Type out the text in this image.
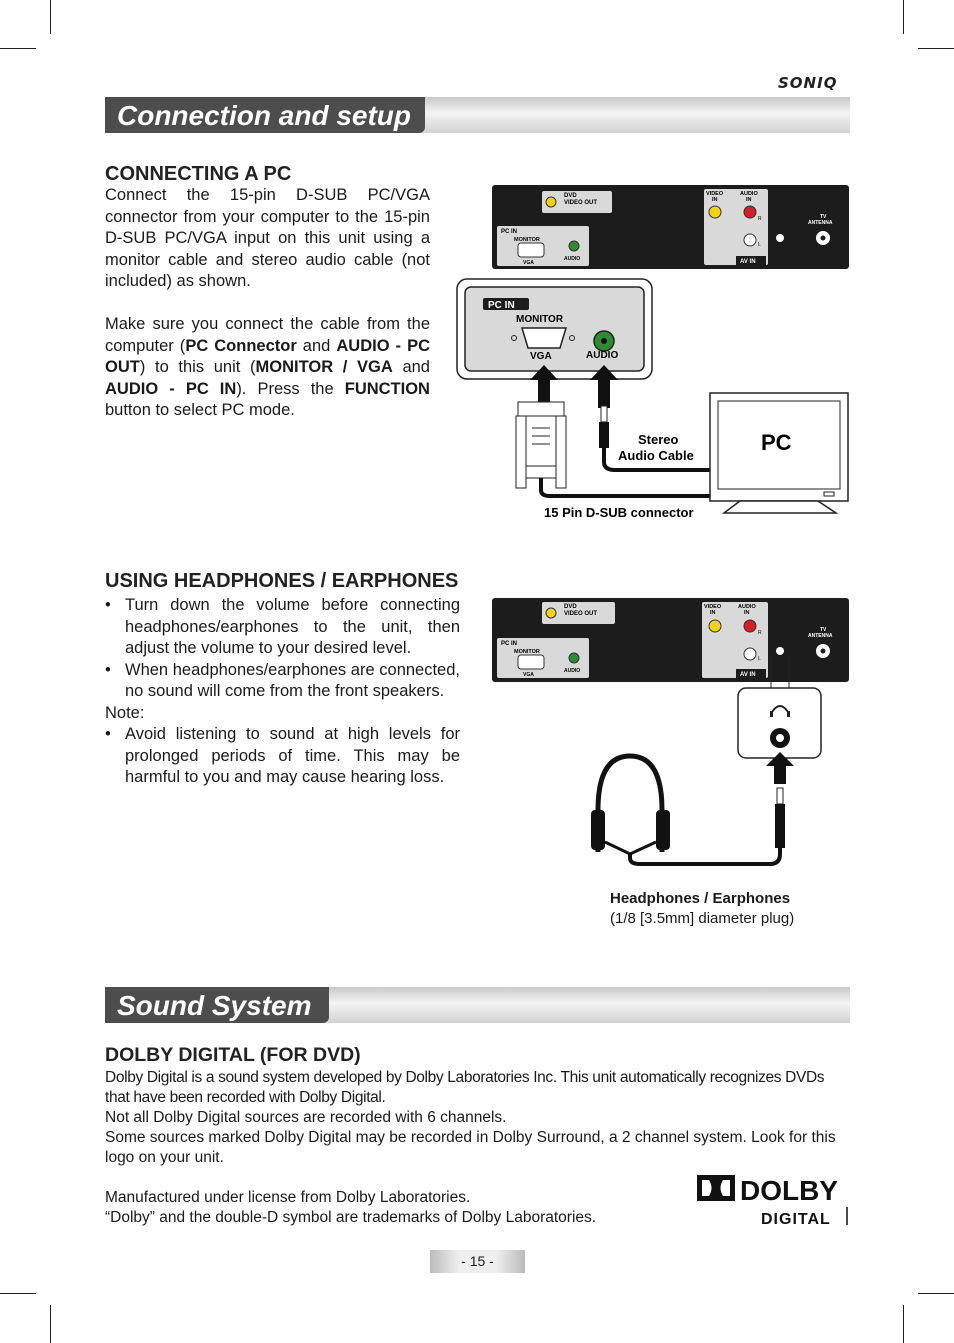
SONIQ
Connection and setup
CONNECTING A PC
Connect the 15-pin D-SUB PC/VGA connector from your computer to the 15-pin D-SUB PC/VGA input on this unit using a monitor cable and stereo audio cable (not included) as shown.
Make sure you connect the cable from the computer (PC Connector and AUDIO - PC OUT) to this unit (MONITOR / VGA and AUDIO - PC IN). Press the FUNCTION button to select PC mode.
DVD
VIDEO OUT
PC IN
MONITOR
VGA
AUDIO
VIDEO
IN
AUDIO
IN
R
L
AV IN
TV
ANTENNA
PC IN
MONITOR
VGA	AUDIO
Stereo
Audio Cable
15 Pin D-SUB connector
PC
USING HEADPHONES / EARPHONES
• Turn down the volume before connecting headphones/earphones to the unit, then adjust the volume to your desired level.
• When headphones/earphones are connected, no sound will come from the front speakers.
Note:
• Avoid listening to sound at high levels for prolonged periods of time. This may be harmful to you and may cause hearing loss.
DVD
VIDEO OUT
PC IN
MONITOR
VGA
AUDIO
VIDEO
IN
AUDIO
IN
R
L
AV IN
TV
ANTENNA
Headphones / Earphones
(1/8 [3.5mm] diameter plug)
Sound System
DOLBY DIGITAL (FOR DVD)
Dolby Digital is a sound system developed by Dolby Laboratories Inc. This unit automatically recognizes DVDs that have been recorded with Dolby Digital.
Not all Dolby Digital sources are recorded with 6 channels.
Some sources marked Dolby Digital may be recorded in Dolby Surround, a 2 channel system. Look for this logo on your unit.
Manufactured under license from Dolby Laboratories.
“Dolby” and the double-D symbol are trademarks of Dolby Laboratories.
DOLBY
DIGITAL
- 15 -
